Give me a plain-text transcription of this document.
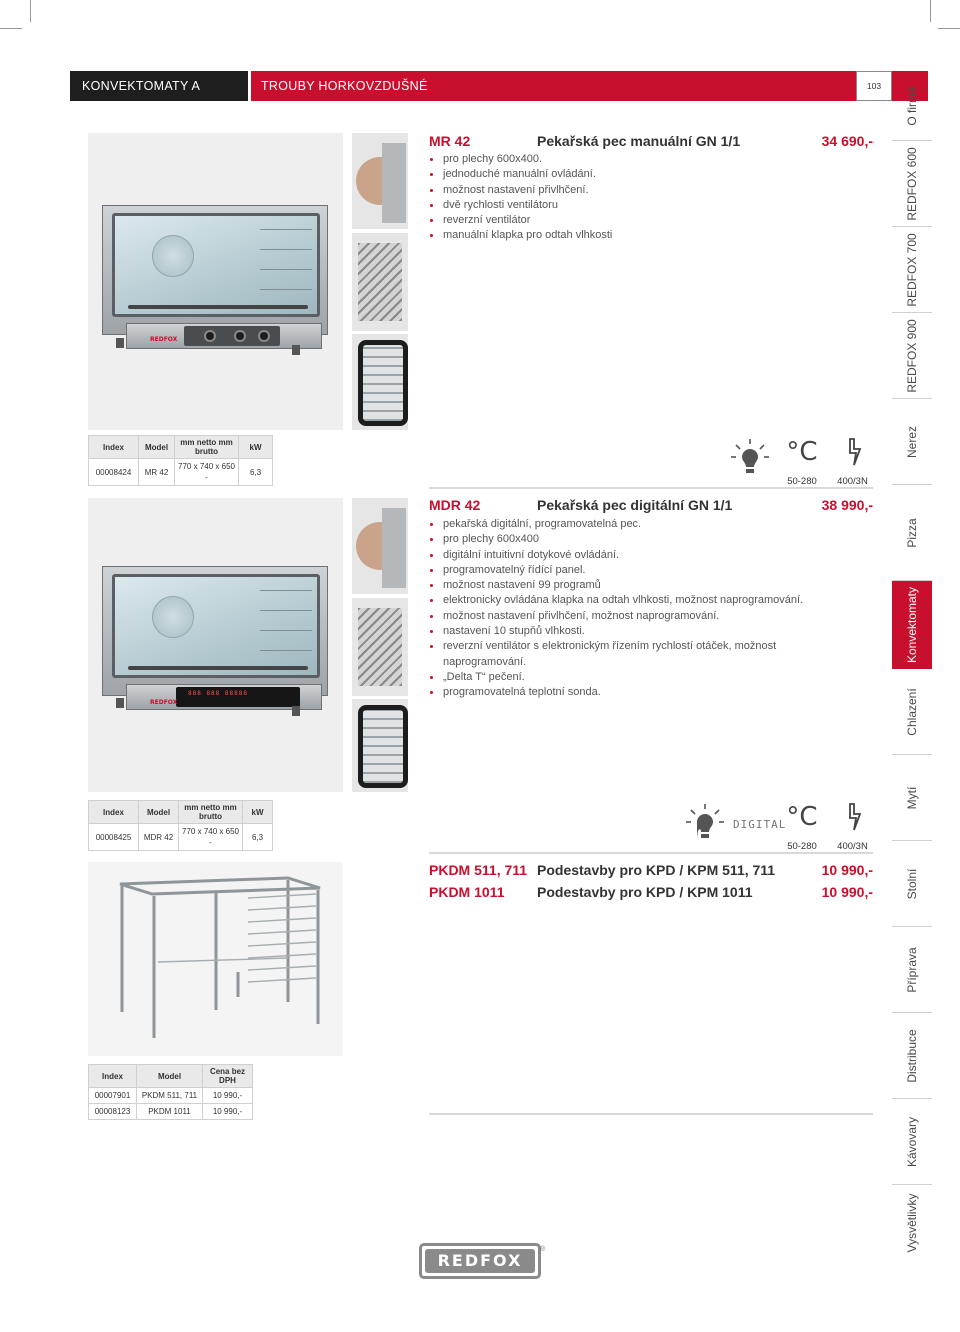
KONVEKTOMATY A ŠOKERY
TROUBY HORKOVZDUŠNÉ	103	O firmě
REDFOX 600
REDFOX 700
REDFOX 900
Nerez
Pizza
Konvektomaty
Chlazení
Mytí
Stolní
Příprava
Distribuce
Kávovary
Vysvětlivky
REDFOX
MR 42	Pekařská pec manuální GN 1/1	34 690,-
pro plechy 600x400.
jednoduché manuální ovládání.
možnost nastavení přivlhčení.
dvě rychlosti ventilátoru
reverzní ventilátor
manuální klapka pro odtah vlhkosti
Index	Model	mm netto mm brutto	kW
00008424	MR 42	770 x 740 x 650 -	6,3
°C
50-280	400/3N
888 888 88888
REDFOX
MDR 42	Pekařská pec digitální GN 1/1	38 990,-
pekařská digitální, programovatelná pec.
pro plechy 600x400
digitální intuitivní dotykové ovládání.
programovatelný řídící panel.
možnost nastavení 99 programů
elektronicky ovládána klapka na odtah vlhkosti, možnost naprogramování.
možnost nastavení přivlhčení, možnost naprogramování.
nastavení 10 stupňů vlhkosti.
reverzní ventilátor s elektronickým řízením rychlostí otáček, možnost naprogramování.
„Delta T“ pečení.
programovatelná teplotní sonda.
Index	Model	mm netto mm brutto	kW
00008425	MDR 42	770 x 740 x 650 -	6,3
DIGITAL °C
50-280	400/3N
PKDM 511, 711 Podestavby pro KPD / KPM 511, 711	10 990,-
PKDM 1011 Podestavby pro KPD / KPM 1011	10 990,-
Index	Model	Cena bez DPH
00007901	PKDM 511, 711	10 990,-
00008123	PKDM 1011	10 990,-
REDFOX
®
